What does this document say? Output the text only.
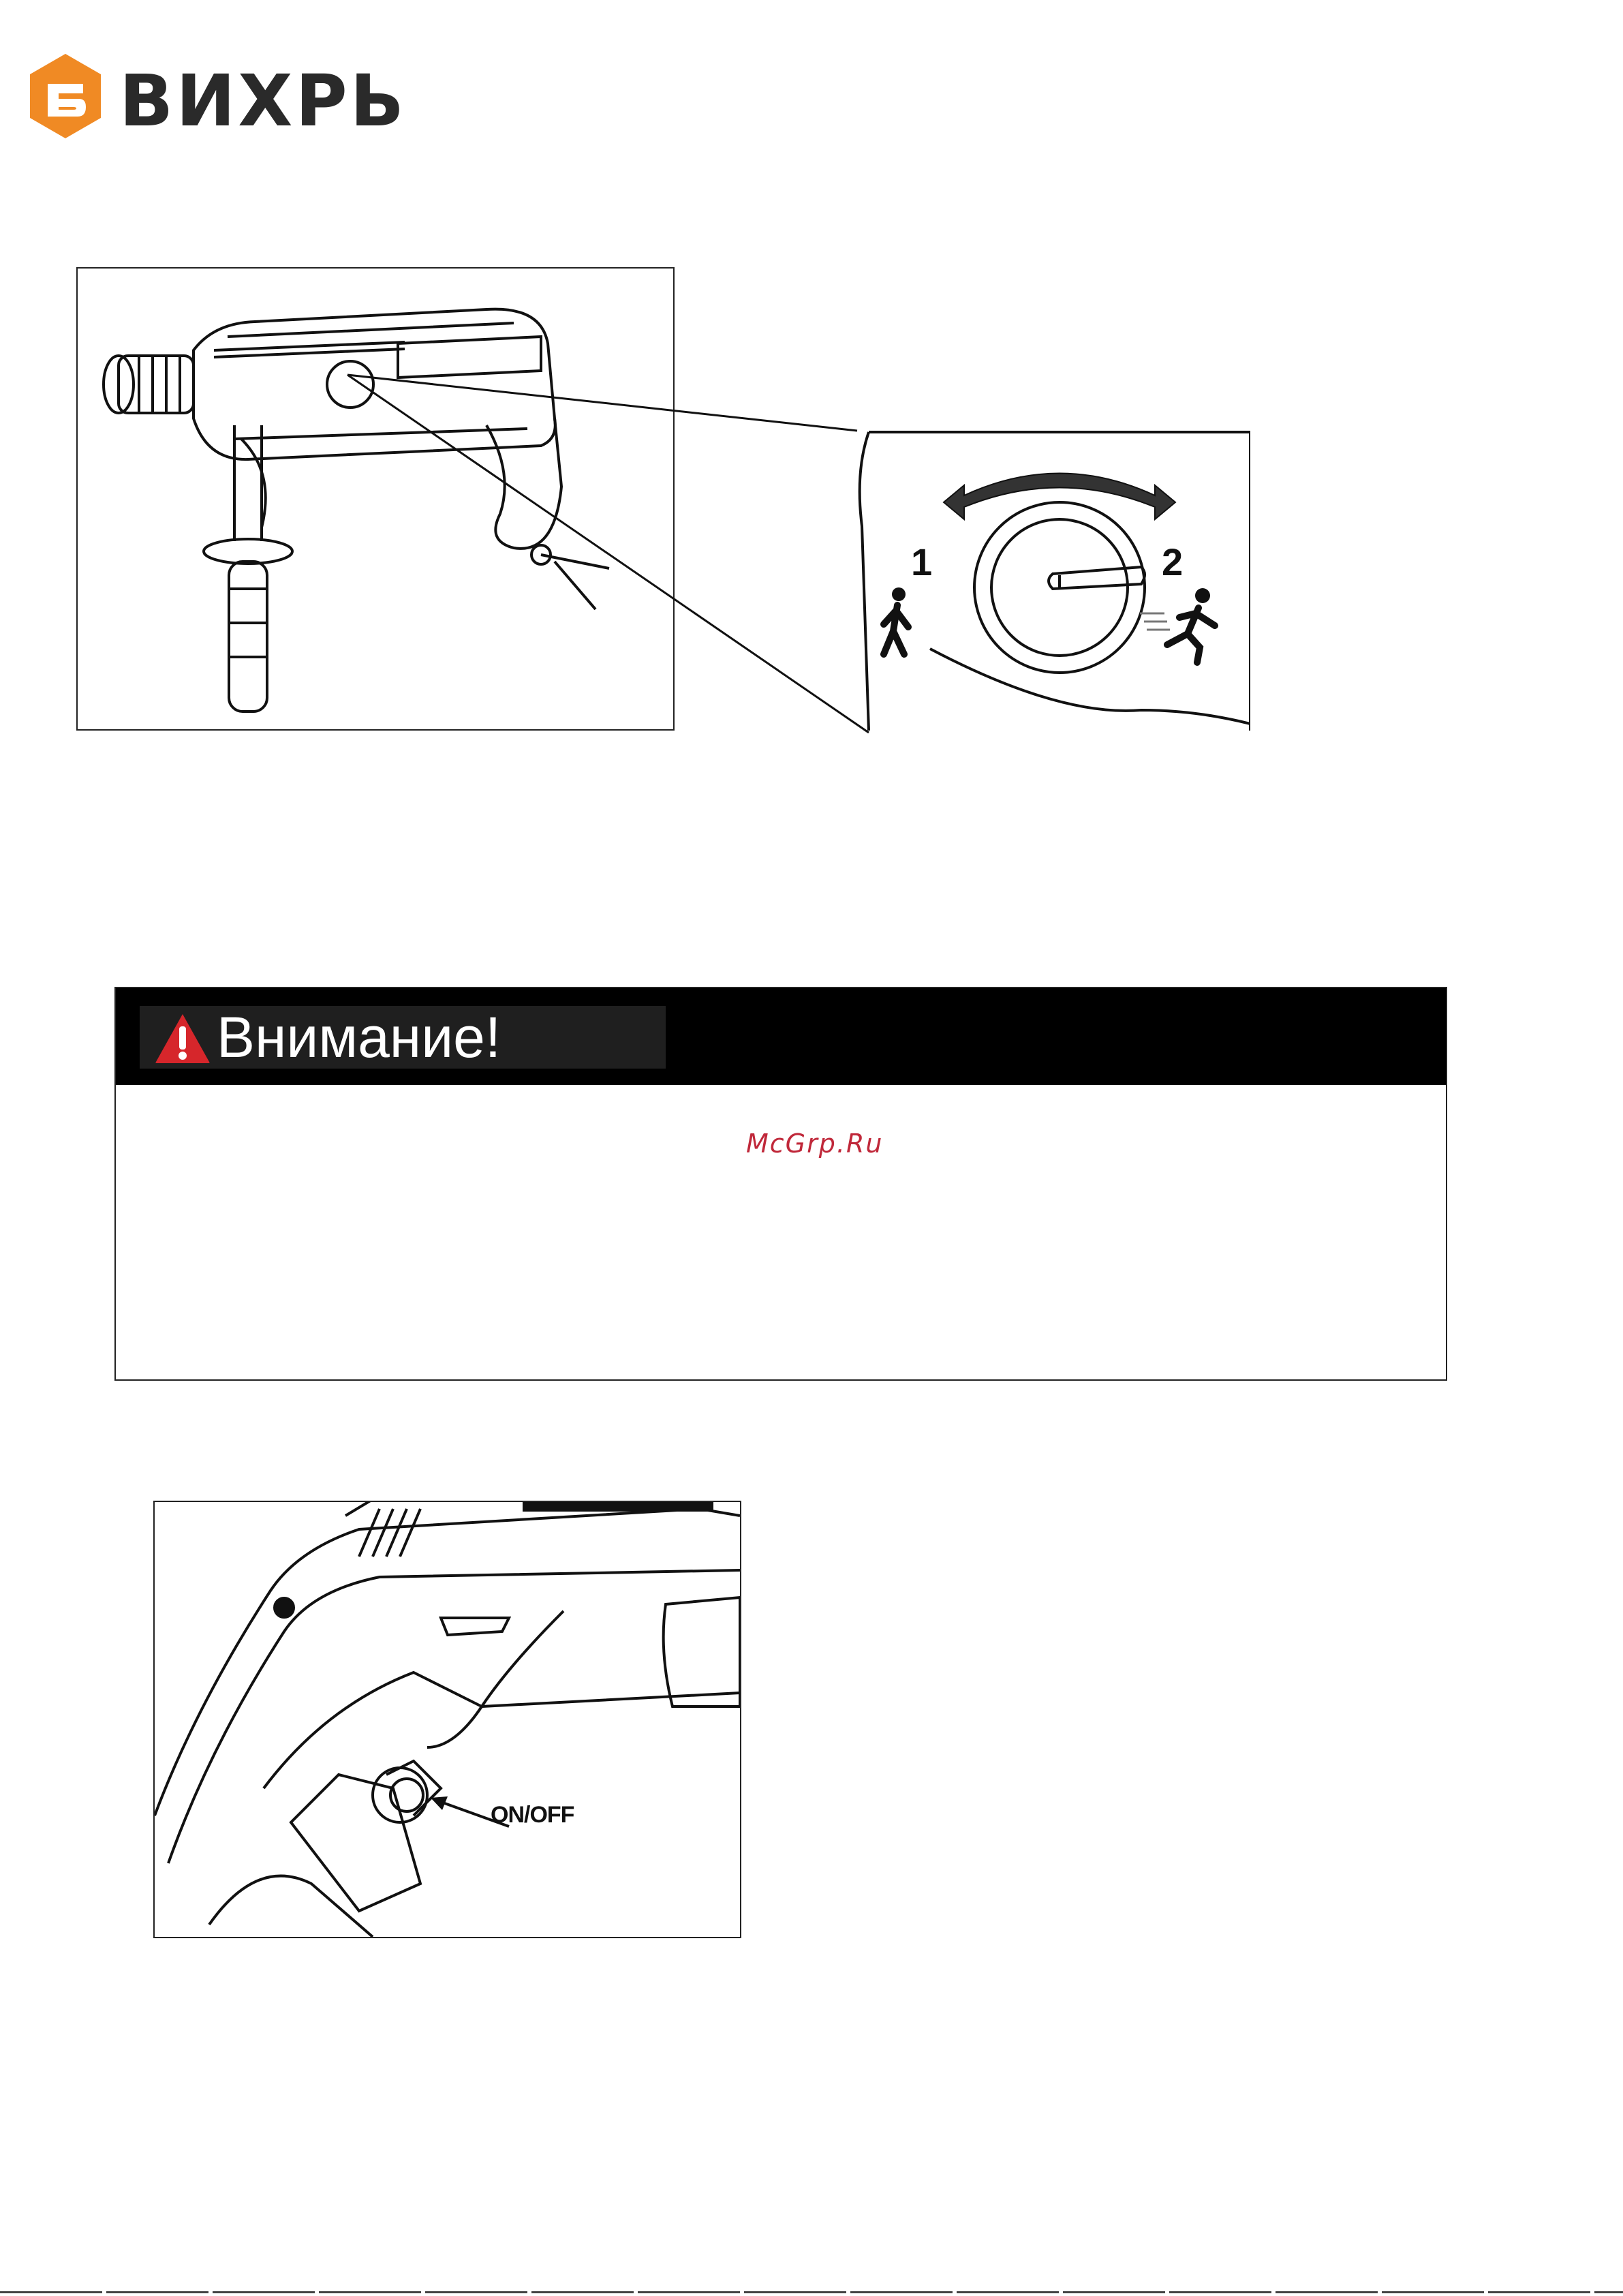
ВИХРЬ
1	2
Внимание!
McGrp.Ru
ON/OFF
